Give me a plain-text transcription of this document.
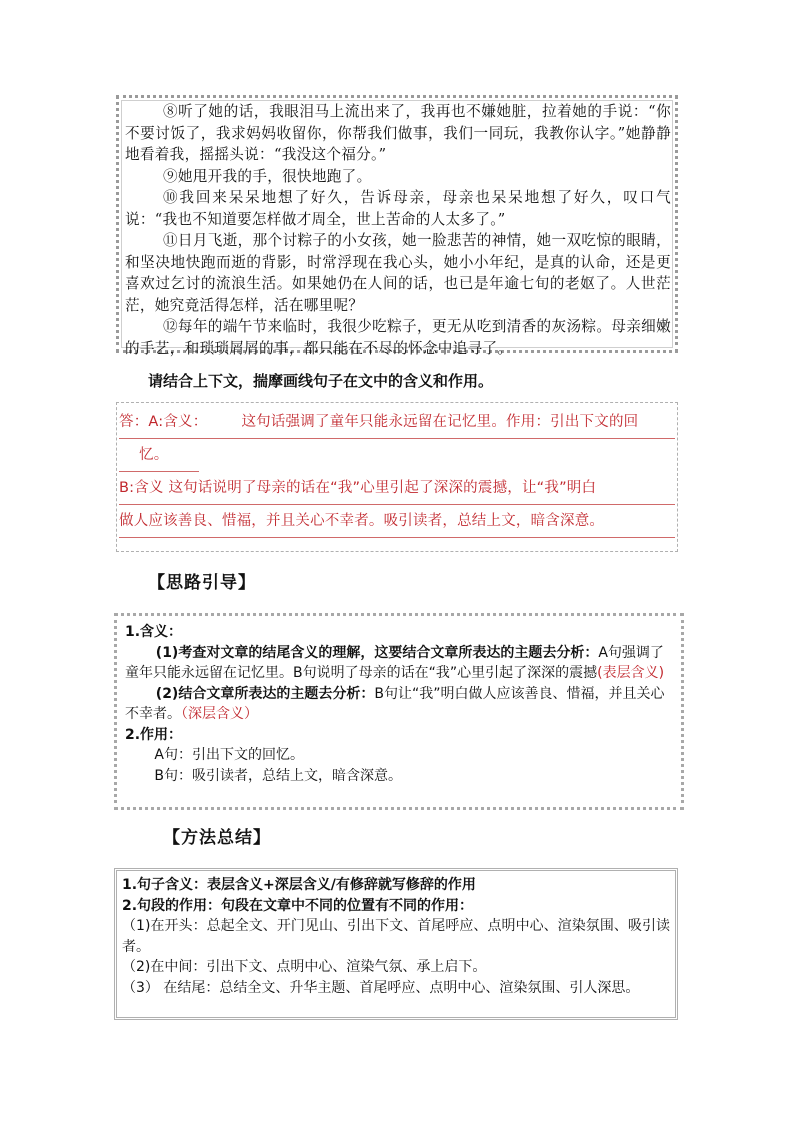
⑧听了她的话，我眼泪马上流出来了，我再也不嫌她脏，拉着她的手说：“你不要讨饭了，我求妈妈收留你，你帮我们做事，我们一同玩，我教你认字。”她静静地看着我，摇摇头说：“我没这个福分。”

⑨她甩开我的手，很快地跑了。

⑩我回来呆呆地想了好久，告诉母亲，母亲也呆呆地想了好久，叹口气说：“我也不知道要怎样做才周全，世上苦命的人太多了。”

⑪日月飞逝，那个讨粽子的小女孩，她一脸悲苦的神情，她一双吃惊的眼睛，和坚决地快跑而逝的背影，时常浮现在我心头，她小小年纪，是真的认命，还是更喜欢过乞讨的流浪生活。如果她仍在人间的话，也已是年逾七旬的老妪了。人世茫茫，她究竟活得怎样，活在哪里呢？

⑫每年的端午节来临时，我很少吃粽子，更无从吃到清香的灰汤粽。母亲细嫩的手艺，和琐琐屑屑的事，都只能在不尽的怀念中追寻了。

请结合上下文，揣摩画线句子在文中的含义和作用。
答：A:含义： 这句话强调了童年只能永远留在记忆里。作用：引出下文的回
忆。
B:含义 这句话说明了母亲的话在“我”心里引起了深深的震撼，让“我”明白
做人应该善良、惜福，并且关心不幸者。吸引读者，总结上文，暗含深意。
【思路引导】

1.含义：

(1)考查对文章的结尾含义的理解，这要结合文章所表达的主题去分析：A句强调了童年只能永远留在记忆里。B句说明了母亲的话在“我”心里引起了深深的震撼(表层含义)

(2)结合文章所表达的主题去分析：B句让“我”明白做人应该善良、惜福，并且关心不幸者。（深层含义）

2.作用：

A句：引出下文的回忆。

B句：吸引读者，总结上文，暗含深意。

【方法总结】

1.句子含义：表层含义+深层含义/有修辞就写修辞的作用

2.句段的作用：句段在文章中不同的位置有不同的作用：

（1)在开头：总起全文、开门见山、引出下文、首尾呼应、点明中心、渲染氛围、吸引读者。

（2)在中间：引出下文、点明中心、渲染气氛、承上启下。

（3） 在结尾：总结全文、升华主题、首尾呼应、点明中心、渲染氛围、引人深思。
